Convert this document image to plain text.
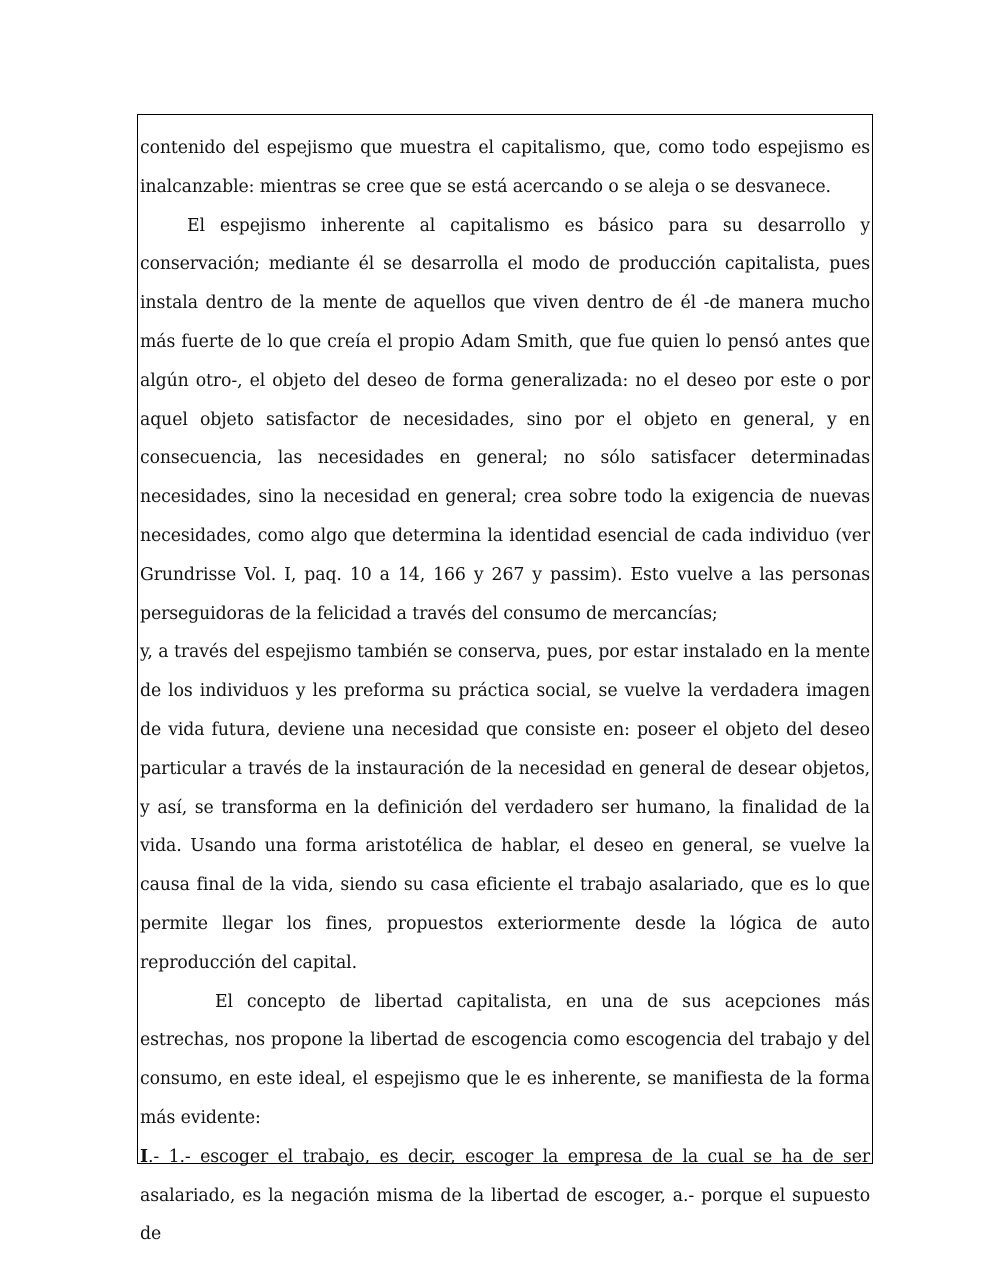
contenido del espejismo que muestra el capitalismo, que, como todo espejismo es inalcanzable: mientras se cree que se está acercando o se aleja o se desvanece.

El espejismo inherente al capitalismo es básico para su desarrollo y conservación; mediante él se desarrolla el modo de producción capitalista, pues instala dentro de la mente de aquellos que viven dentro de él -de manera mucho más fuerte de lo que creía el propio Adam Smith, que fue quien lo pensó antes que algún otro-, el objeto del deseo de forma generalizada: no el deseo por este o por aquel objeto satisfactor de necesidades, sino por el objeto en general, y en consecuencia, las necesidades en general; no sólo satisfacer determinadas necesidades, sino la necesidad en general; crea sobre todo la exigencia de nuevas necesidades, como algo que determina la identidad esencial de cada individuo (ver Grundrisse Vol. I, paq. 10 a 14, 166 y 267 y passim). Esto vuelve a las personas perseguidoras de la felicidad a través del consumo de mercancías;

y, a través del espejismo también se conserva, pues, por estar instalado en la mente de los individuos y les preforma su práctica social, se vuelve la verdadera imagen de vida futura, deviene una necesidad que consiste en: poseer el objeto del deseo particular a través de la instauración de la necesidad en general de desear objetos, y así, se transforma en la definición del verdadero ser humano, la finalidad de la vida. Usando una forma aristotélica de hablar, el deseo en general, se vuelve la causa final de la vida, siendo su casa eficiente el trabajo asalariado, que es lo que permite llegar los fines, propuestos exteriormente desde la lógica de auto reproducción del capital.

El concepto de libertad capitalista, en una de sus acepciones más estrechas, nos propone la libertad de escogencia como escogencia del trabajo y del consumo, en este ideal, el espejismo que le es inherente, se manifiesta de la forma más evidente:

I.- 1.- escoger el trabajo, es decir, escoger la empresa de la cual se ha de ser asalariado, es la negación misma de la libertad de escoger, a.- porque el supuesto de
